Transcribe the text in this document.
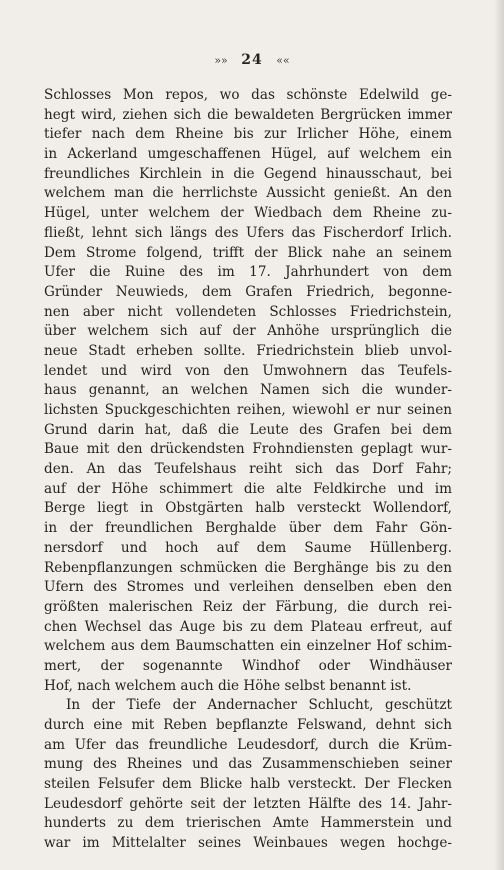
»» 24 ««
Schlosses Mon repos, wo das schönste Edelwild ge-
hegt wird, ziehen sich die bewaldeten Bergrücken immer
tiefer nach dem Rheine bis zur Irlicher Höhe, einem
in Ackerland umgeschaffenen Hügel, auf welchem ein
freundliches Kirchlein in die Gegend hinausschaut, bei
welchem man die herrlichste Aussicht genießt. An den
Hügel, unter welchem der Wiedbach dem Rheine zu-
fließt, lehnt sich längs des Ufers das Fischerdorf Irlich.
Dem Strome folgend, trifft der Blick nahe an seinem
Ufer die Ruine des im 17. Jahrhundert von dem
Gründer Neuwieds, dem Grafen Friedrich, begonne-
nen aber nicht vollendeten Schlosses Friedrichstein,
über welchem sich auf der Anhöhe ursprünglich die
neue Stadt erheben sollte. Friedrichstein blieb unvol-
lendet und wird von den Umwohnern das Teufels-
haus genannt, an welchen Namen sich die wunder-
lichsten Spuckgeschichten reihen, wiewohl er nur seinen
Grund darin hat, daß die Leute des Grafen bei dem
Baue mit den drückendsten Frohndiensten geplagt wur-
den. An das Teufelshaus reiht sich das Dorf Fahr;
auf der Höhe schimmert die alte Feldkirche und im
Berge liegt in Obstgärten halb versteckt Wollendorf,
in der freundlichen Berghalde über dem Fahr Gön-
nersdorf und hoch auf dem Saume Hüllenberg.
Rebenpflanzungen schmücken die Berghänge bis zu den
Ufern des Stromes und verleihen denselben eben den
größten malerischen Reiz der Färbung, die durch rei-
chen Wechsel das Auge bis zu dem Plateau erfreut, auf
welchem aus dem Baumschatten ein einzelner Hof schim-
mert, der sogenannte Windhof oder Windhäuser
Hof, nach welchem auch die Höhe selbst benannt ist.
In der Tiefe der Andernacher Schlucht, geschützt
durch eine mit Reben bepflanzte Felswand, dehnt sich
am Ufer das freundliche Leudesdorf, durch die Krüm-
mung des Rheines und das Zusammenschieben seiner
steilen Felsufer dem Blicke halb versteckt. Der Flecken
Leudesdorf gehörte seit der letzten Hälfte des 14. Jahr-
hunderts zu dem trierischen Amte Hammerstein und
war im Mittelalter seines Weinbaues wegen hochge-
